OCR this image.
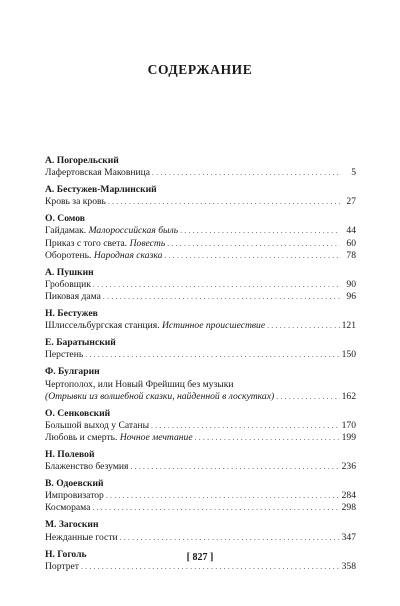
СОДЕРЖАНИЕ
А. Погорельский
Лафертовская Маковница . . .	5
А. Бестужев-Марлинский
Кровь за кровь . . .	27
О. Сомов
Гайдамак. Малороссийская быль . . .	44
Приказ с того света. Повесть . . .	60
Оборотень. Народная сказка . . .	78
А. Пушкин
Гробовщик . . .	90
Пиковая дама . . .	96
Н. Бестужев
Шлиссельбургская станция. Истинное происшествие . . .	121
Е. Баратынский
Перстень . . .	150
Ф. Булгарин
Чертополох, или Новый Фрейшиц без музыки
(Отрывки из волшебной сказки, найденной в лоскутках) . . .	162
О. Сенковский
Большой выход у Сатаны . . .	170
Любовь и смерть. Ночное мечтание . . .	199
Н. Полевой
Блаженство безумия . . .	236
В. Одоевский
Импровизатор . . .	284
Косморама . . .	298
М. Загоскин
Нежданные гости . . .	347
Н. Гоголь
Портрет . . .	358
[ 827 ]
